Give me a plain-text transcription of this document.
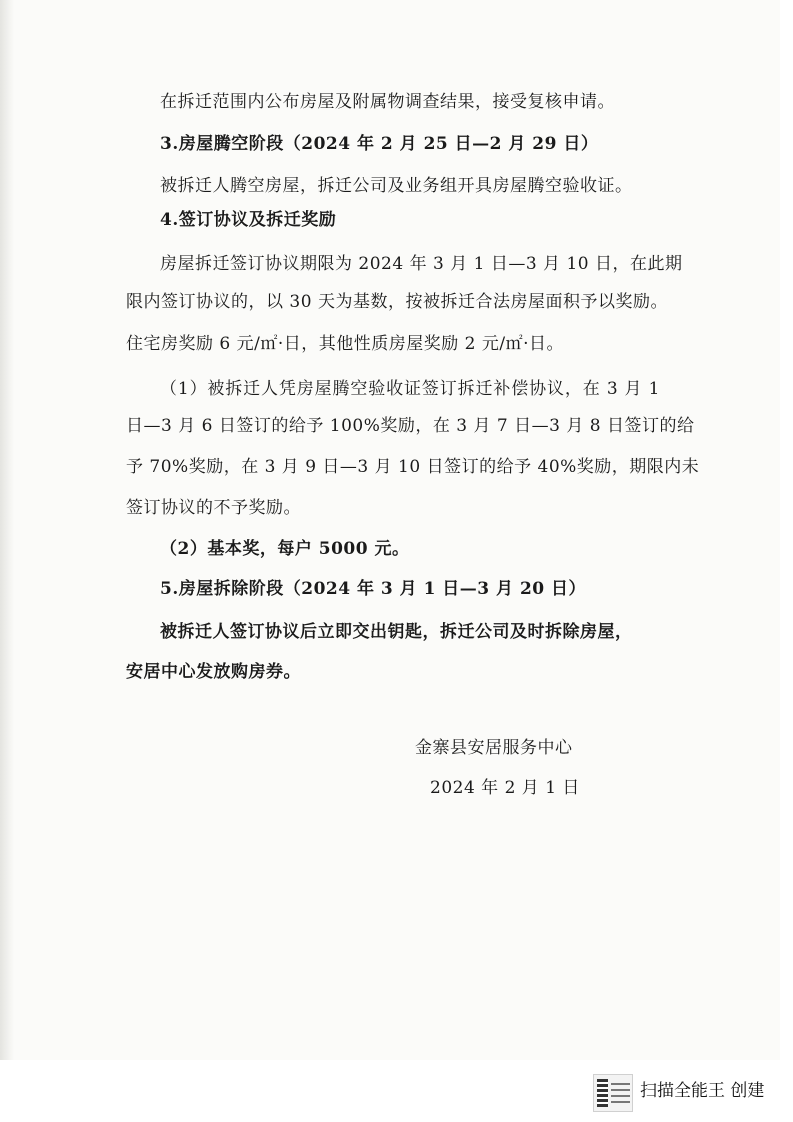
在拆迁范围内公布房屋及附属物调查结果，接受复核申请。
3.房屋腾空阶段（2024 年 2 月 25 日—2 月 29 日）
被拆迁人腾空房屋，拆迁公司及业务组开具房屋腾空验收证。
4.签订协议及拆迁奖励
房屋拆迁签订协议期限为 2024 年 3 月 1 日—3 月 10 日，在此期
限内签订协议的，以 30 天为基数，按被拆迁合法房屋面积予以奖励。
住宅房奖励 6 元/㎡·日，其他性质房屋奖励 2 元/㎡·日。
（1）被拆迁人凭房屋腾空验收证签订拆迁补偿协议，在 3 月 1
日—3 月 6 日签订的给予 100%奖励，在 3 月 7 日—3 月 8 日签订的给
予 70%奖励，在 3 月 9 日—3 月 10 日签订的给予 40%奖励，期限内未
签订协议的不予奖励。
（2）基本奖，每户 5000 元。
5.房屋拆除阶段（2024 年 3 月 1 日—3 月 20 日）
被拆迁人签订协议后立即交出钥匙，拆迁公司及时拆除房屋，
安居中心发放购房券。
金寨县安居服务中心
2024 年 2 月 1 日
扫描全能王 创建
